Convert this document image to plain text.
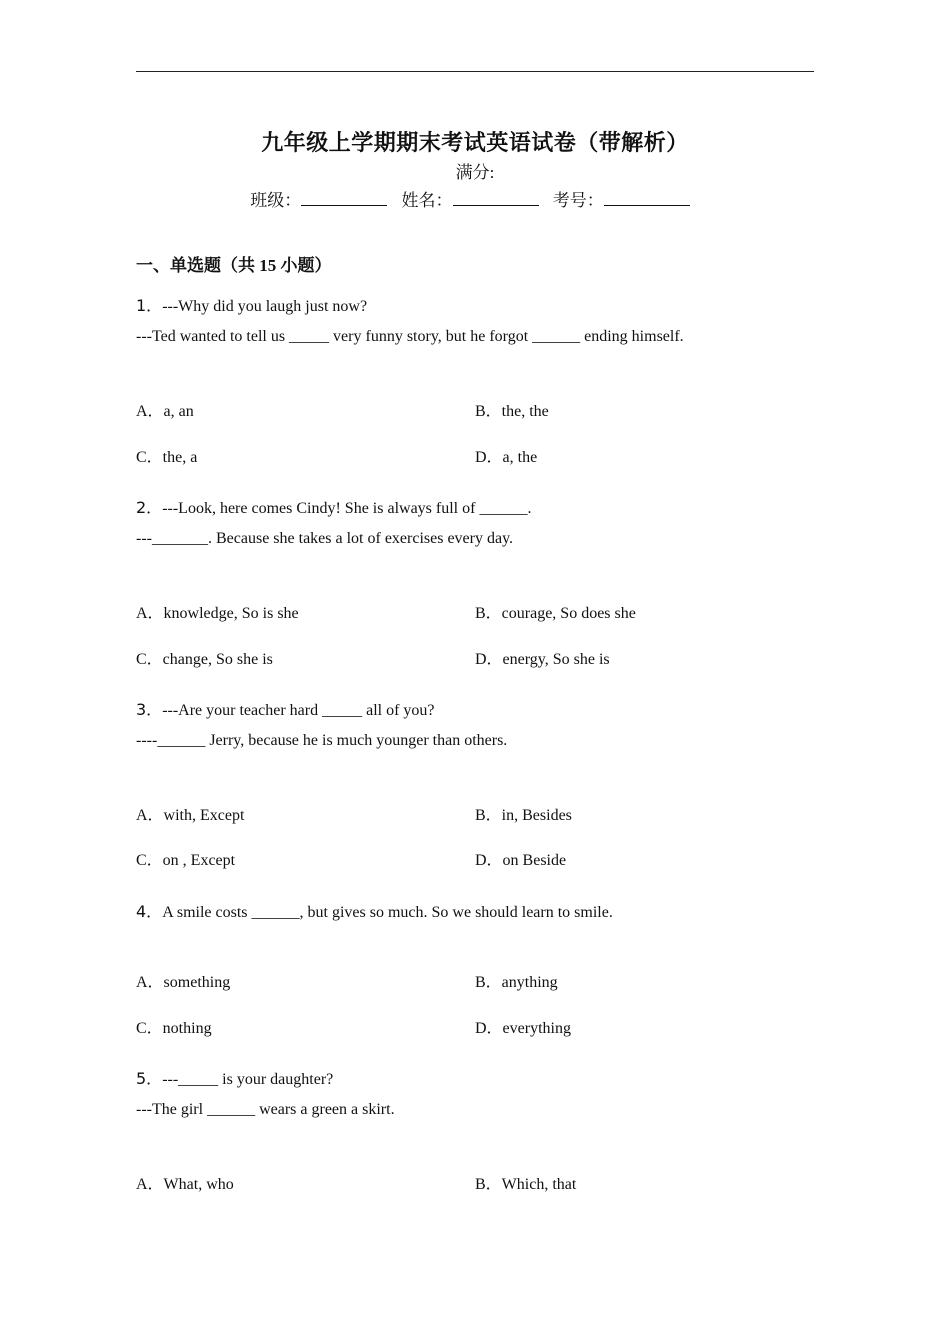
九年级上学期期末考试英语试卷（带解析）
满分:
班级：	姓名：	考号：
一、单选题（共 15 小题）
1．---Why did you laugh just now?
---Ted wanted to tell us _____ very funny story, but he forgot ______ ending himself.
A．a, an	B．the, the
C．the, a	D．a, the
2．---Look, here comes Cindy! She is always full of ______.
---_______. Because she takes a lot of exercises every day.
A．knowledge, So is she	B．courage, So does she
C．change, So she is	D．energy, So she is
3．---Are your teacher hard _____ all of you?
----______ Jerry, because he is much younger than others.
A．with, Except	B．in, Besides
C．on , Except	D．on Beside
4．A smile costs ______, but gives so much. So we should learn to smile.
A．something	B．anything
C．nothing	D．everything
5．---_____ is your daughter?
---The girl ______ wears a green a skirt.
A．What, who	B．Which, that
